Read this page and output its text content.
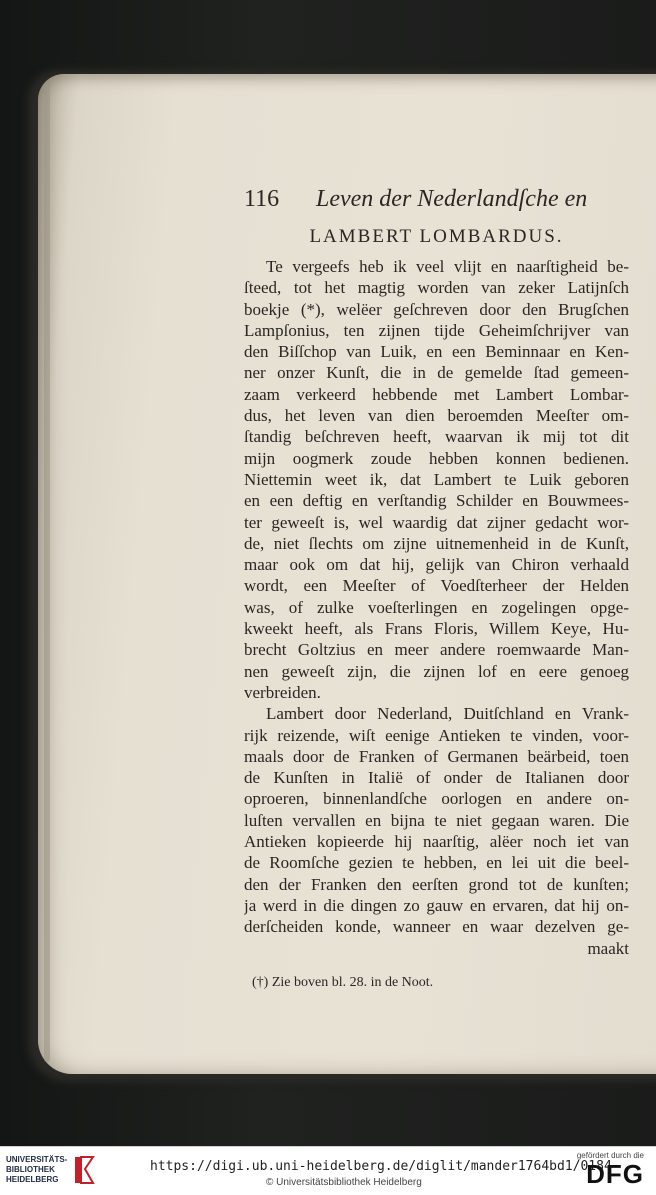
116	Leven der Nederlandſche en
LAMBERT LOMBARDUS.
Te vergeefs heb ik veel vlijt en naarſtigheid be-
ſteed, tot het magtig worden van zeker Latijnſch
boekje (*), welëer geſchreven door den Brugſchen
Lampſonius, ten zijnen tijde Geheimſchrijver van
den Biſſchop van Luik, en een Beminnaar en Ken-
ner onzer Kunſt, die in de gemelde ſtad gemeen-
zaam verkeerd hebbende met Lambert Lombar-
dus, het leven van dien beroemden Meeſter om-
ſtandig beſchreven heeft, waarvan ik mij tot dit
mijn oogmerk zoude hebben konnen bedienen.
Niettemin weet ik, dat Lambert te Luik geboren
en een deftig en verſtandig Schilder en Bouwmees-
ter geweeſt is, wel waardig dat zijner gedacht wor-
de, niet ſlechts om zijne uitnemenheid in de Kunſt,
maar ook om dat hij, gelijk van Chiron verhaald
wordt, een Meeſter of Voedſterheer der Helden
was, of zulke voeſterlingen en zogelingen opge-
kweekt heeft, als Frans Floris, Willem Keye, Hu-
brecht Goltzius en meer andere roemwaarde Man-
nen geweeſt zijn, die zijnen lof en eere genoeg
verbreiden.
Lambert door Nederland, Duitſchland en Vrank-
rijk reizende, wiſt eenige Antieken te vinden, voor-
maals door de Franken of Germanen beärbeid, toen
de Kunſten in Italië of onder de Italianen door
oproeren, binnenlandſche oorlogen en andere on-
luſten vervallen en bijna te niet gegaan waren. Die
Antieken kopieerde hij naarſtig, alëer noch iet van
de Roomſche gezien te hebben, en lei uit die beel-
den der Franken den eerſten grond tot de kunſten;
ja werd in die dingen zo gauw en ervaren, dat hij on-
derſcheiden konde, wanneer en waar dezelven ge-
maakt
(†) Zie boven bl. 28. in de Noot.
UNIVERSITÄTS-
BIBLIOTHEK
HEIDELBERG
https://digi.ub.uni-heidelberg.de/diglit/mander1764bd1/0184
© Universitätsbibliothek Heidelberg
gefördert durch die
DFG
